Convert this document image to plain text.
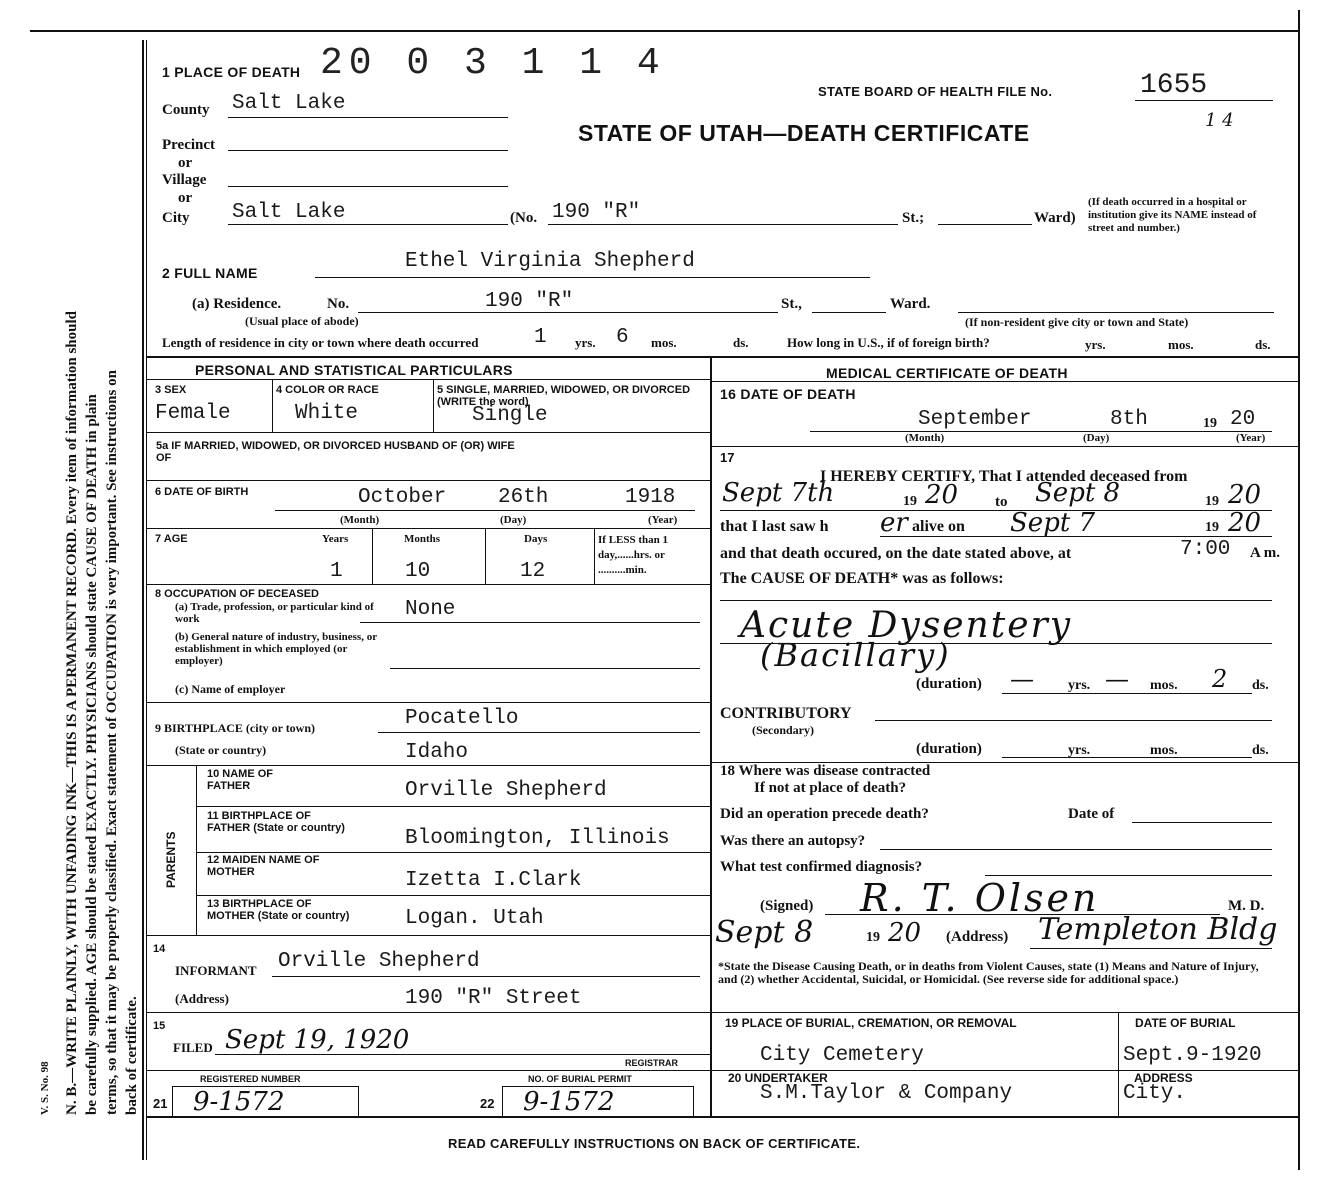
N. B.—WRITE PLAINLY, WITH UNFADING INK—THIS IS A PERMANENT RECORD. Every item of information should be carefully supplied. AGE should be stated EXACTLY. PHYSICIANS should state CAUSE OF DEATH in plain terms, so that it may be properly classified. Exact statement of OCCUPATION is very important. See instructions on back of certificate.
V. S. No. 98
20 0 3 1 1 4
1 PLACE OF DEATH
STATE BOARD OF HEALTH FILE No.	1655
1 4
STATE OF UTAH—DEATH CERTIFICATE
County Salt Lake
Precinct
or
Village
or
City Salt Lake	(No. 190 "R"	St.;	Ward)
(If death occurred in a hospital or institution give its NAME instead of street and number.)
2 FULL NAME	Ethel Virginia Shepherd
(a) Residence.	No.	190 "R"	St.,	Ward.
(Usual place of abode)	(If non-resident give city or town and State)
Length of residence in city or town where death occurred	1 yrs. 6 mos.	ds.	How long in U.S., if of foreign birth?	yrs.	mos.	ds.
PERSONAL AND STATISTICAL PARTICULARS
3 SEX
Female
4 COLOR OR RACE
White
5 SINGLE, MARRIED, WIDOWED, OR DIVORCED (WRITE the word)
Single
5a IF MARRIED, WIDOWED, OR DIVORCED HUSBAND OF (OR) WIFE OF
6 DATE OF BIRTH	October 26th	1918
(Month)	(Day)	(Year)
7 AGE	Years	Months	Days	If LESS than 1 day,......hrs. or ..........min.
1	10	12
8 OCCUPATION OF DECEASED
(a) Trade, profession, or particular kind of work	None
(b) General nature of industry, business, or establishment in which employed (or employer)
(c) Name of employer
9 BIRTHPLACE (city or town)	Pocatello
(State or country)	Idaho
PARENTS
10 NAME OF FATHER	Orville Shepherd
11 BIRTHPLACE OF FATHER (State or country)	Bloomington, Illinois
12 MAIDEN NAME OF MOTHER	Izetta I.Clark
13 BIRTHPLACE OF MOTHER (State or country)	Logan. Utah
14
INFORMANT Orville Shepherd
(Address)	190 "R" Street
15
FILED Sept 19, 1920
REGISTRAR
REGISTERED NUMBER
21 9-1572
NO. OF BURIAL PERMIT
22 9-1572
MEDICAL CERTIFICATE OF DEATH
16 DATE OF DEATH
September	8th	19 20
(Month)	(Day)	(Year)
17
I HEREBY CERTIFY, That I attended deceased from
Sept 7th	19 20 to Sept 8	19 20
that I last saw h er alive on Sept 7	19 20
and that death occured, on the date stated above, at	7:00 A m.
The CAUSE OF DEATH* was as follows:
Acute Dysentery
(Bacillary)
(duration) — yrs. — mos. 2 ds.
CONTRIBUTORY
(Secondary)
(duration)	yrs.	mos.	ds.
18 Where was disease contracted
If not at place of death?
Did an operation precede death?	Date of
Was there an autopsy?
What test confirmed diagnosis?
(Signed) R. T. Olsen	M. D.
Sept 8	19 20 (Address) Templeton Bldg
*State the Disease Causing Death, or in deaths from Violent Causes, state (1) Means and Nature of Injury, and (2) whether Accidental, Suicidal, or Homicidal. (See reverse side for additional space.)
19 PLACE OF BURIAL, CREMATION, OR REMOVAL
City Cemetery
DATE OF BURIAL
Sept.9-1920
20 UNDERTAKER
S.M.Taylor & Company
ADDRESS
City.
READ CAREFULLY INSTRUCTIONS ON BACK OF CERTIFICATE.
